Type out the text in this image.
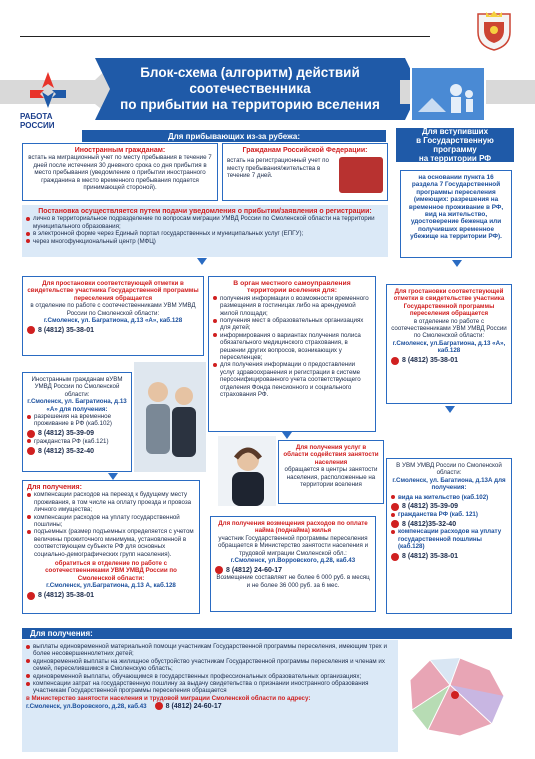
Блок-схема (алгоритм) действий
соотечественника
по прибытии на территорию вселения
РАБОТА
РОССИИ
Для прибывающих из-за рубежа:	Для вступивших
в Государственную программу
на территории РФ
Иностранным гражданам:
встать на миграционный учет по месту пребывания в течение 7 дней после истечения 30 дневного срока со дня прибытия в место пребывания (уведомление о прибытии иностранного гражданина в место временного пребывания подается принимающей стороной).
Гражданам Российской Федерации:
встать на регистрационный учет по месту пребывания/жительства в течение 7 дней.
Постановка осуществляется путем подачи уведомления о прибытии/заявления о регистрации:
лично в территориальное подразделение по вопросам миграции УМВД России по Смоленской области на территории муниципального образования;
в электронной форме через Единый портал государственных и муниципальных услуг (ЕПГУ);
через многофункциональный центр (МФЦ)
на основании пункта 16 раздела 7 Государственной программы переселения (имеющих: разрешения на временное проживание в РФ, вид на жительство, удостоверение беженца или получивших временное убежище на территории РФ).
Для простановки соответствующей отметки в свидетельстве участника Государственной программы переселения обращается
в отделение по работе с соотечественниками УВМ УМВД России по Смоленской области:
г.Смоленск, ул. Багратиона, д.13 «А», каб.128
8 (4812) 35-38-01
В орган местного самоуправления территории вселения для:
получения информации о возможности временного размещения в гостиницах либо на арендуемой жилой площади;
получения мест в образовательных организациях для детей;
информирования о вариантах получения полиса обязательного медицинского страхования, в решении других вопросов, возникающих у переселенцев;
для получения информации о предоставлении услуг здравоохранения и регистрации в системе персонифицированного учета соответствующего отделения Фонда пенсионного и социального страхования РФ.
Для гростановки соответствующей отметки в свидетельстве участника Государственной программы переселения обращается
в отделение по работе с соотечественниками УВМ УМВД России по Смоленской области:
г.Смоленск, ул.Багратиона, д.13 «А», каб.128
8 (4812) 35-38-01
Иностранным гражданам вУВМ УМВД России по Смоленской области:
г.Смоленск, ул. Багратиона, д.13 «А» для получения:
разрешения на временное проживание в РФ (каб.102)
8 (4812) 35-39-09
гражданства РФ (каб.121)
8 (4812) 35-32-40
Для получения услуг в области содействия занятости населения
обращается в центры занятости населения, расположенные на территории вселения
Для получения:
компенсации расходов на переезд к будущему месту проживания, в том числе на оплату проезда и провоза личного имущества;
компенсации расходов на уплату государственной пошлины;
подъемных (размер подъемных определяется с учетом величины прожиточного минимума, установленной в соответствующем субъекте РФ для основных социально-демографических групп населения).
обратиться в отделение по работе с соотечественниками УВМ УМВД России по Смоленской области:
г.Смоленск, ул.Багратиона, д.13 А, каб.128
8 (4812) 35-38-01
Для получения возмещения расходов по оплате найма (поднайма) жилья
участник Государственной программы переселения обращается в Министерство занятости населения и трудовой миграции Смоленской обл.:
г.Смоленск, ул.Ворровского, д.28, каб.43
8 (4812) 24-60-17
Возмещение составляет не более 6 000 руб. в месяц и не более 36 000 руб. за 6 мес.
В УВМ УМВД России по Смоленской области:
г.Смоленск, ул. Багатиона, д.13А для получения:
вида на жительство (каб.102)
8 (4812) 35-39-09
гражданства РФ (каб. 121)
8 (4812)35-32-40
компенсации расходов на уплату государственной пошлины (каб.128)
8 (4812) 35-38-01
Для получения:
выплаты единовременной материальной помощи участникам Государственной программы переселения, имеющим трех и более несовершеннолетних детей;
единовременной выплаты на жилищное обустройство участникам Государственной программы переселения и членам их семей, переселившимся в Смоленскую область;
единовременной выплаты, обучающимся в государственных профессиональных образовательных организациях;
компенсации затрат на государственную пошлину за выдачу свидетельства о признании иностранного образования участникам Государственной программы переселения обращается
в Министерство занятости населения и трудовой миграции Смоленской области по адресу:
г.Смоленск, ул.Воровского, д.28, каб.43	8 (4812) 24-60-17
